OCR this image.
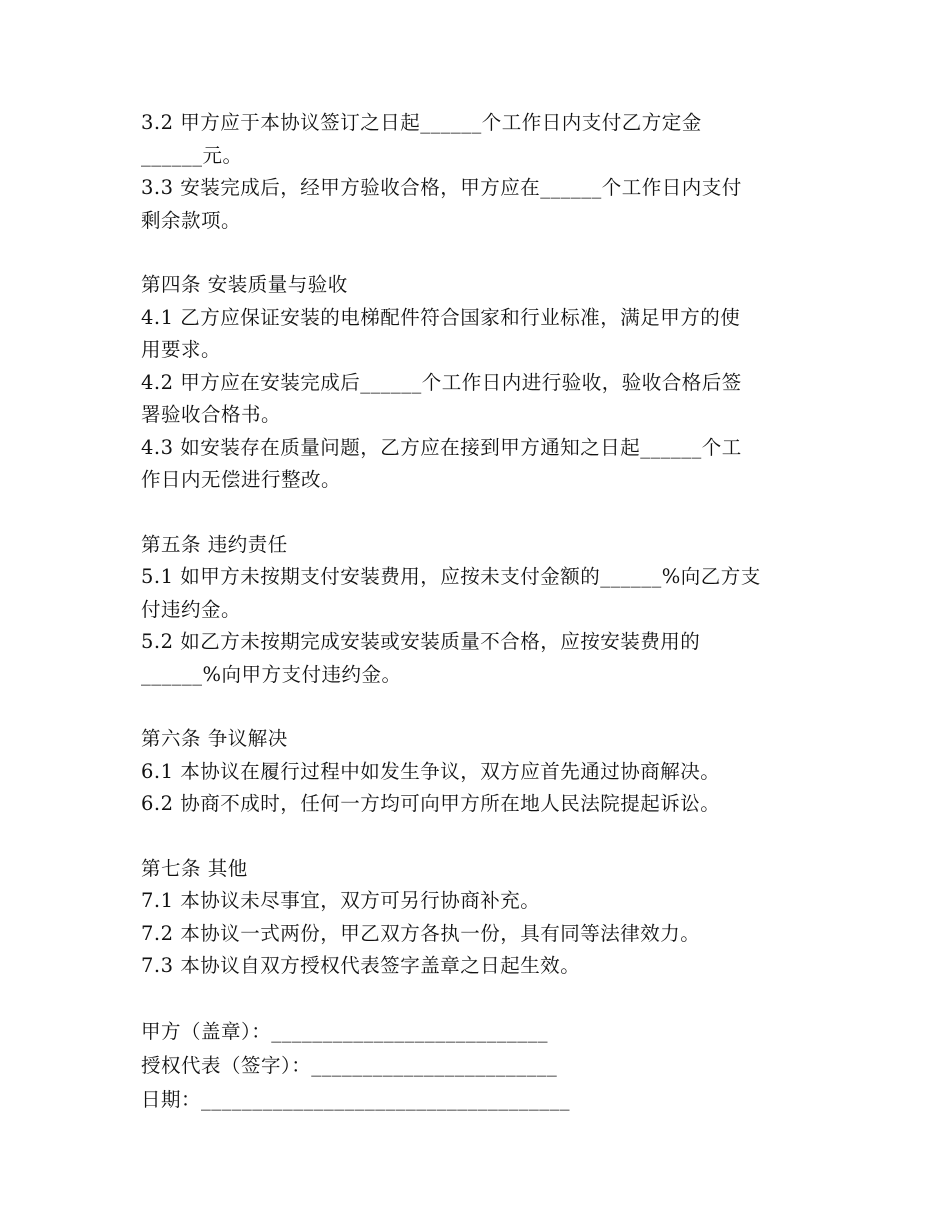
3.2 甲方应于本协议签订之日起______个工作日内支付乙方定金
______元。
3.3 安装完成后，经甲方验收合格，甲方应在______个工作日内支付
剩余款项。
第四条 安装质量与验收
4.1 乙方应保证安装的电梯配件符合国家和行业标准，满足甲方的使
用要求。
4.2 甲方应在安装完成后______个工作日内进行验收，验收合格后签
署验收合格书。
4.3 如安装存在质量问题，乙方应在接到甲方通知之日起______个工
作日内无偿进行整改。
第五条 违约责任
5.1 如甲方未按期支付安装费用，应按未支付金额的______%向乙方支
付违约金。
5.2 如乙方未按期完成安装或安装质量不合格，应按安装费用的
______%向甲方支付违约金。
第六条 争议解决
6.1 本协议在履行过程中如发生争议，双方应首先通过协商解决。
6.2 协商不成时，任何一方均可向甲方所在地人民法院提起诉讼。
第七条 其他
7.1 本协议未尽事宜，双方可另行协商补充。
7.2 本协议一式两份，甲乙双方各执一份，具有同等法律效力。
7.3 本协议自双方授权代表签字盖章之日起生效。
甲方（盖章）：___________________________
授权代表（签字）：________________________
日期：____________________________________
